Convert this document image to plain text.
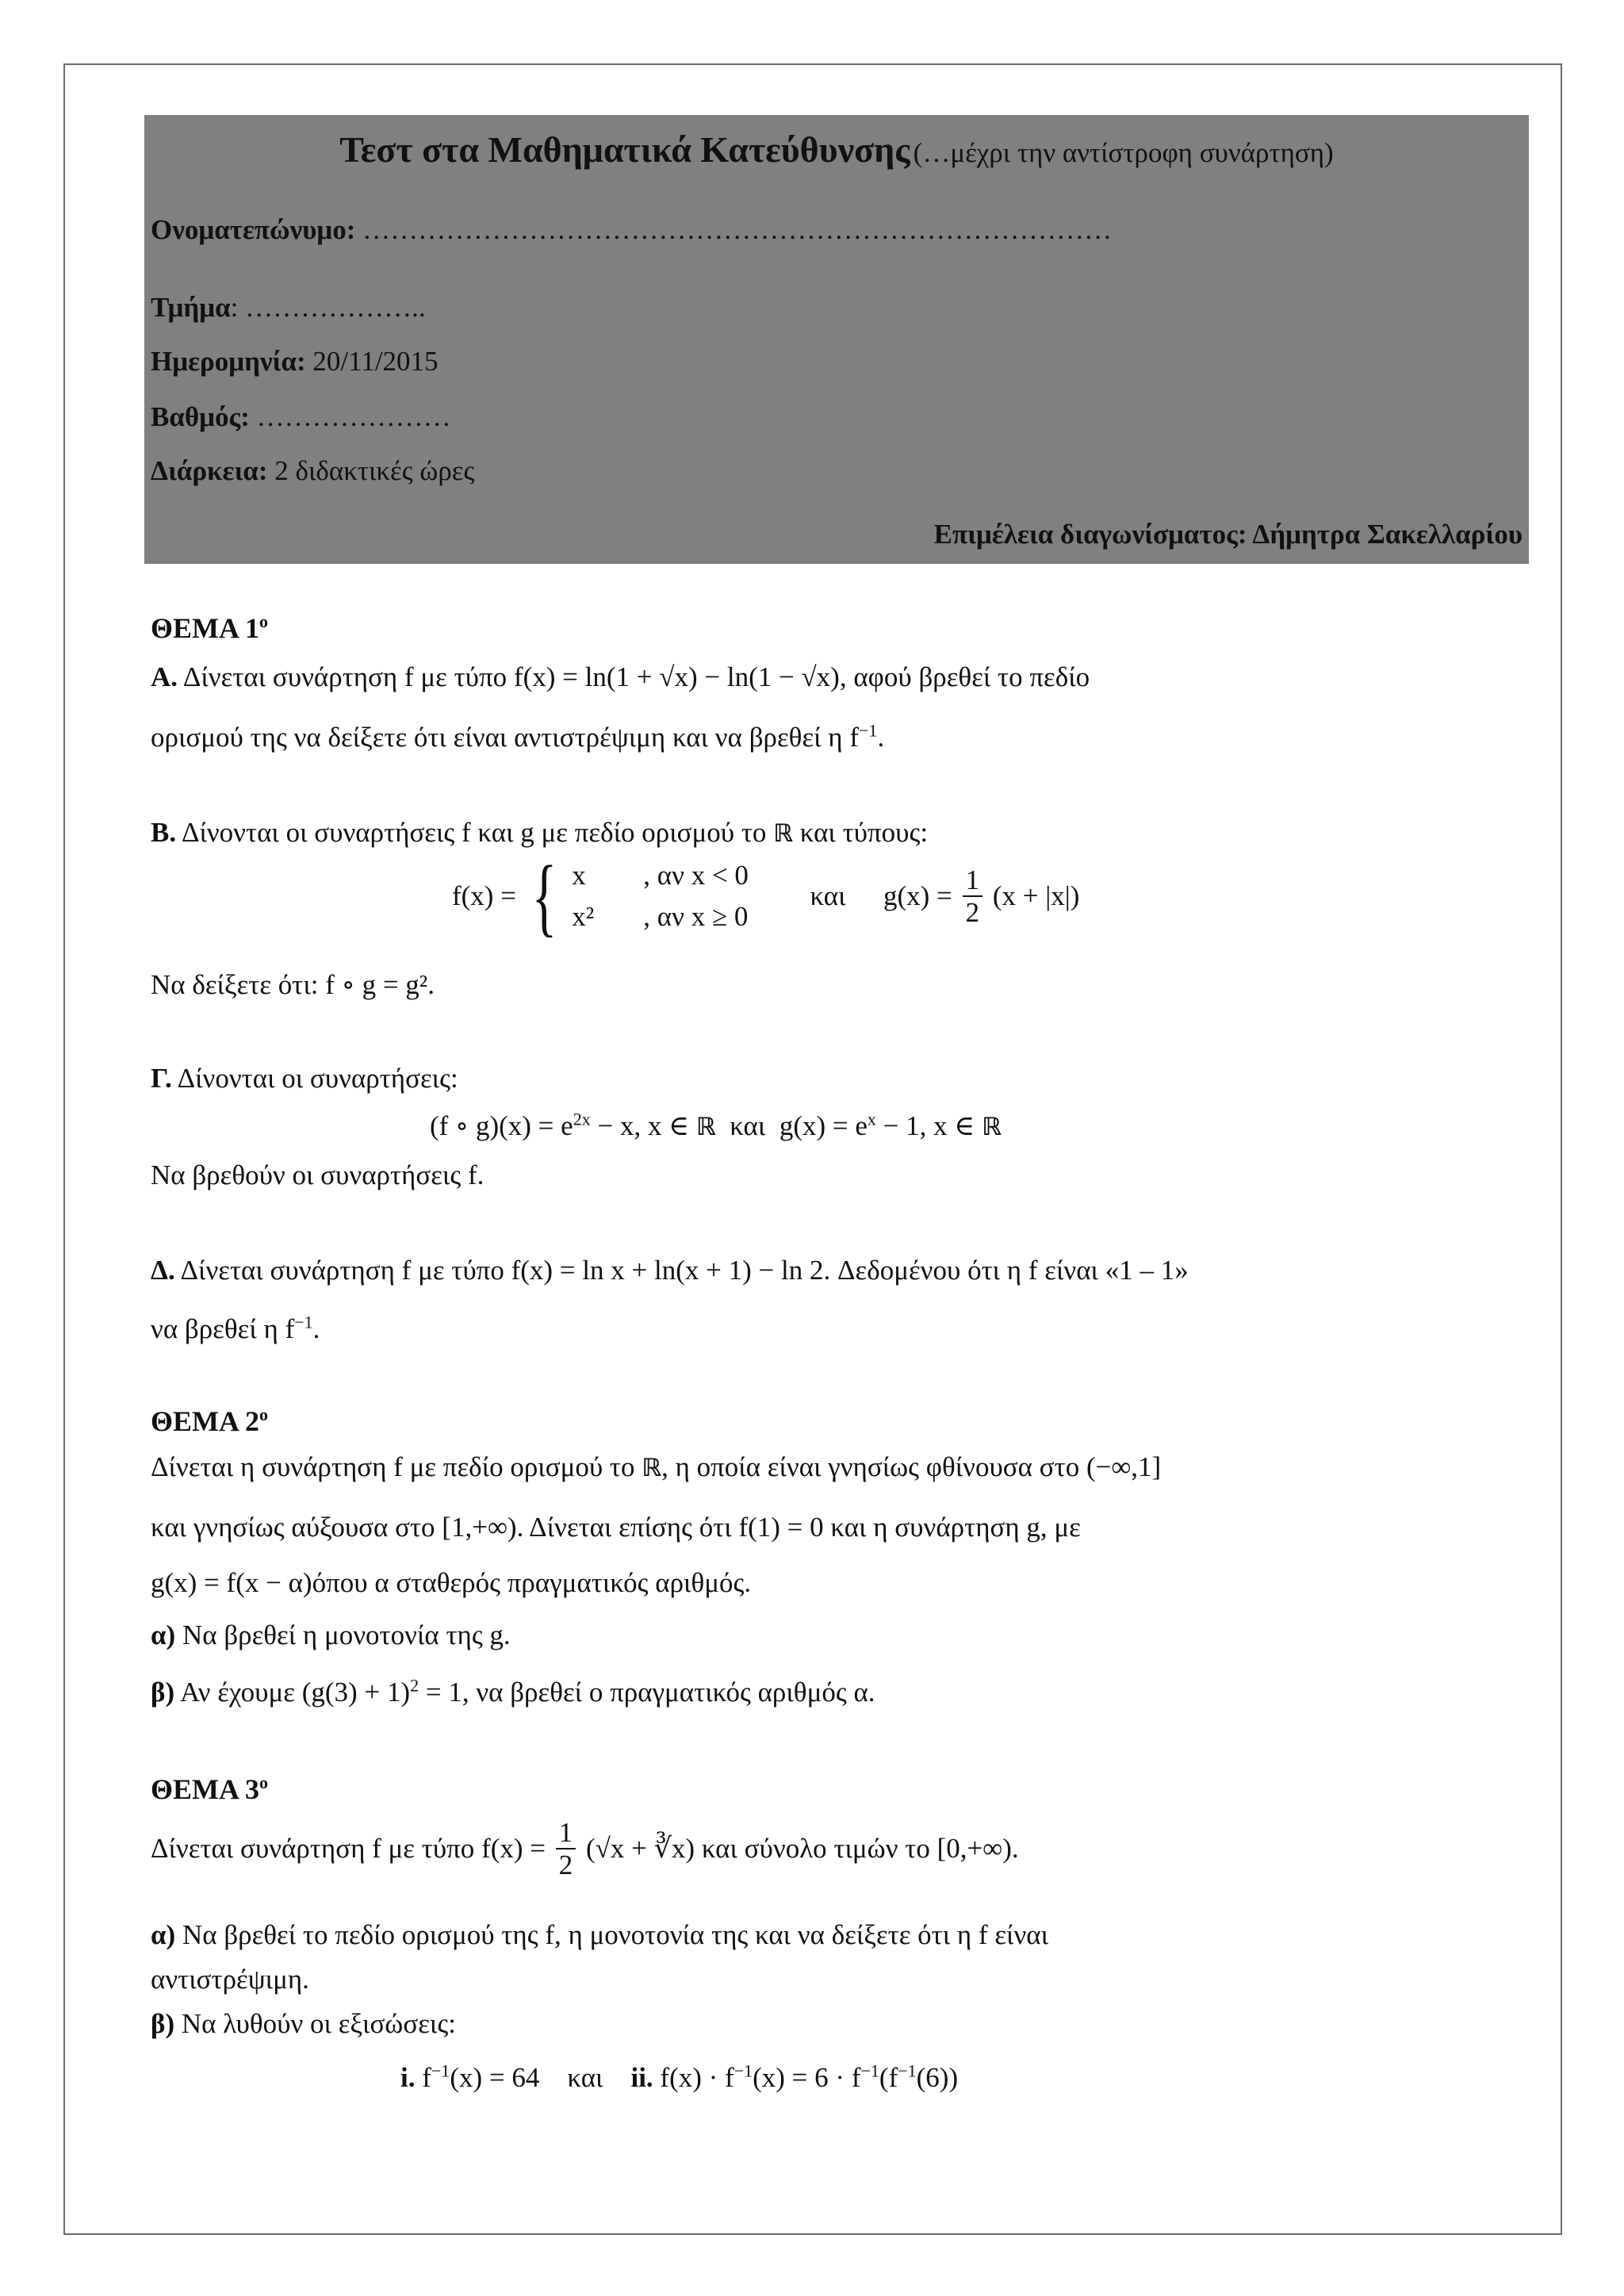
Τεστ στα Μαθηματικά Κατεύθυνσης (…μέχρι την αντίστροφη συνάρτηση)
Ονοματεπώνυμο: ………………………………………………………………………
Τμήμα: ………………..
Ημερομηνία: 20/11/2015
Βαθμός: …………………
Διάρκεια: 2 διδακτικές ώρες
Επιμέλεια διαγωνίσματος: Δήμητρα Σακελλαρίου
ΘΕΜΑ $1^o$
Α. Δίνεται συνάρτηση f με τύπο f(x) = ln(1 + √x) − ln(1 − √x), αφού βρεθεί το πεδίο
ορισμού της να δείξετε ότι είναι αντιστρέψιμη και να βρεθεί η $f^{-1}$.
Β. Δίνονται οι συναρτήσεις f και g με πεδίο ορισμού το ℝ και τύπους:
f(x) = { x , αν x < 0
x² , αν x ≥ 0
και $g(x) = \frac{1}{2} (x + |x|)$
Να δείξετε ότι: f ∘ g = g².
Γ. Δίνονται οι συναρτήσεις:
(f ∘ $g)(x) = e^{2x} - x$, x ∈ ℝ και $g(x) = e^x - 1$, x ∈ ℝ
Να βρεθούν οι συναρτήσεις f.
Δ. Δίνεται συνάρτηση f με τύπο f(x) = ln x + ln(x + 1) − ln 2. Δεδομένου ότι η f είναι «1 – 1»
να βρεθεί η $f^{-1}$.
ΘΕΜΑ $2^o$
Δίνεται η συνάρτηση f με πεδίο ορισμού το ℝ, η οποία είναι γνησίως φθίνουσα στο (−∞,1]
και γνησίως αύξουσα στο [1,+∞). Δίνεται επίσης ότι f(1) = 0 και η συνάρτηση g, με
g(x) = f(x − α)όπου α σταθερός πραγματικός αριθμός.
α) Να βρεθεί η μονοτονία της g.
β) Αν έχουμε $(g(3) + 1)^2 = 1$, να βρεθεί ο πραγματικός αριθμός α.
ΘΕΜΑ $3^o$
Δίνεται συνάρτηση f με τύπο $f(x) = \frac{1}{2} (√x$ + ∛x) και σύνολο τιμών το [0,+∞).
α) Να βρεθεί το πεδίο ορισμού της f, η μονοτονία της και να δείξετε ότι η f είναι
αντιστρέψιμη.
β) Να λυθούν οι εξισώσεις:
i. $f^{-1}(x) = 64$ και ii. $f(x) \cdot f^{-1}(x) = 6 \cdot f^{-1}(f^{-1}(6))$
